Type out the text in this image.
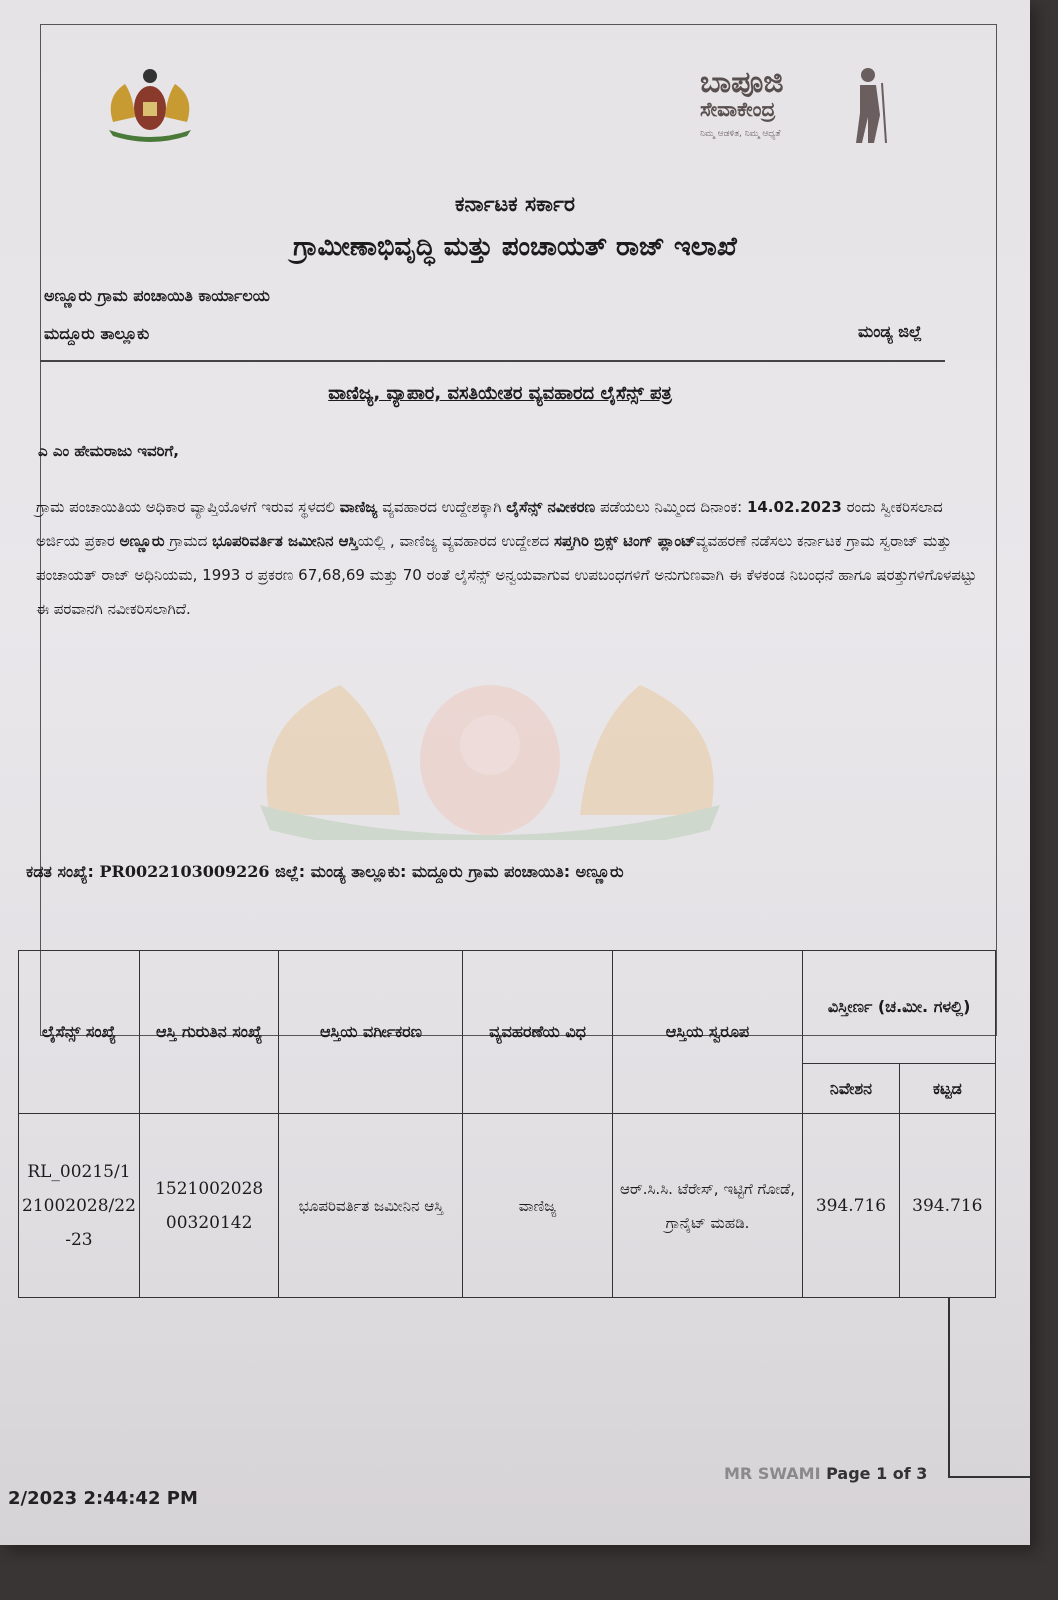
ಬಾಪೂಜಿ
ಸೇವಾಕೇಂದ್ರ
ನಿಮ್ಮ ಆಡಳಿತ, ನಿಮ್ಮ ಆಧ್ಯತೆ
ಕರ್ನಾಟಕ ಸರ್ಕಾರ
ಗ್ರಾಮೀಣಾಭಿವೃದ್ಧಿ ಮತ್ತು ಪಂಚಾಯತ್ ರಾಜ್ ಇಲಾಖೆ
ಅಣ್ಣೂರು ಗ್ರಾಮ ಪಂಚಾಯಿತಿ ಕಾರ್ಯಾಲಯ
ಮದ್ದೂರು ತಾಲ್ಲೂಕು	ಮಂಡ್ಯ ಜಿಲ್ಲೆ
ವಾಣಿಜ್ಯ, ವ್ಯಾಪಾರ, ವಸತಿಯೇತರ ವ್ಯವಹಾರದ ಲೈಸೆನ್ಸ್ ಪತ್ರ
ಎ ಎಂ ಹೇಮರಾಜು ಇವರಿಗೆ,
ಗ್ರಾಮ ಪಂಚಾಯಿತಿಯ ಅಧಿಕಾರ ವ್ಯಾಪ್ತಿಯೊಳಗೆ ಇರುವ ಸ್ಥಳದಲಿ ವಾಣಿಜ್ಯ ವ್ಯವಹಾರದ ಉದ್ದೇಶಕ್ಕಾಗಿ ಲೈಸೆನ್ಸ್ ನವೀಕರಣ ಪಡೆಯಲು ನಿಮ್ಮಿಂದ ದಿನಾಂಕ: 14.02.2023 ರಂದು ಸ್ವೀಕರಿಸಲಾದ ಅರ್ಜಿಯ ಪ್ರಕಾರ ಅಣ್ಣೂರು ಗ್ರಾಮದ ಭೂಪರಿವರ್ತಿತ ಜಮೀನಿನ ಆಸ್ತಿಯಲ್ಲಿ , ವಾಣಿಜ್ಯ ವ್ಯವಹಾರದ ಉದ್ದೇಶದ ಸಪ್ತಗಿರಿ ಬ್ರಿಕ್ಸ್ ಟಿಂಗ್ ಪ್ಲಾಂಟ್ವ್ಯವಹರಣೆ ನಡೆಸಲು ಕರ್ನಾಟಕ ಗ್ರಾಮ ಸ್ವರಾಜ್ ಮತ್ತು ಪಂಚಾಯತ್ ರಾಜ್ ಅಧಿನಿಯಮ, 1993 ರ ಪ್ರಕರಣ 67,68,69 ಮತ್ತು 70 ರಂತೆ ಲೈಸೆನ್ಸ್ ಅನ್ವಯವಾಗುವ ಉಪಬಂಧಗಳಿಗೆ ಅನುಗುಣವಾಗಿ ಈ ಕೆಳಕಂಡ ನಿಬಂಧನೆ ಹಾಗೂ ಷರತ್ತುಗಳಿಗೊಳಪಟ್ಟು ಈ ಪರವಾನಗಿ ನವೀಕರಿಸಲಾಗಿದೆ.
ಕಡತ ಸಂಖ್ಯೆ: PR0022103009226 ಜಿಲ್ಲೆ: ಮಂಡ್ಯ ತಾಲ್ಲೂಕು: ಮದ್ದೂರು ಗ್ರಾಮ ಪಂಚಾಯಿತಿ: ಅಣ್ಣೂರು
ಲೈಸೆನ್ಸ್ ಸಂಖ್ಯೆ	ಆಸ್ತಿ ಗುರುತಿನ ಸಂಖ್ಯೆ	ಆಸ್ತಿಯ ವರ್ಗೀಕರಣ	ವ್ಯವಹರಣೆಯ ವಿಧ	ಆಸ್ತಿಯ ಸ್ವರೂಪ	ವಿಸ್ತೀರ್ಣ (ಚ.ಮೀ. ಗಳಲ್ಲಿ)	
					ನಿವೇಶನ	ಕಟ್ಟಡ
RL_00215/1 21002028/22 -23	1521002028 00320142	ಭೂಪರಿವರ್ತಿತ ಜಮೀನಿನ ಆಸ್ತಿ	ವಾಣಿಜ್ಯ	ಆರ್.ಸಿ.ಸಿ. ಟೆರೇಸ್, ಇಟ್ಟಿಗೆ ಗೋಡೆ, ಗ್ರಾನೈಟ್ ಮಹಡಿ.	394.716	394.716
MR SWAMI Page 1 of 3
2/2023 2:44:42 PM
